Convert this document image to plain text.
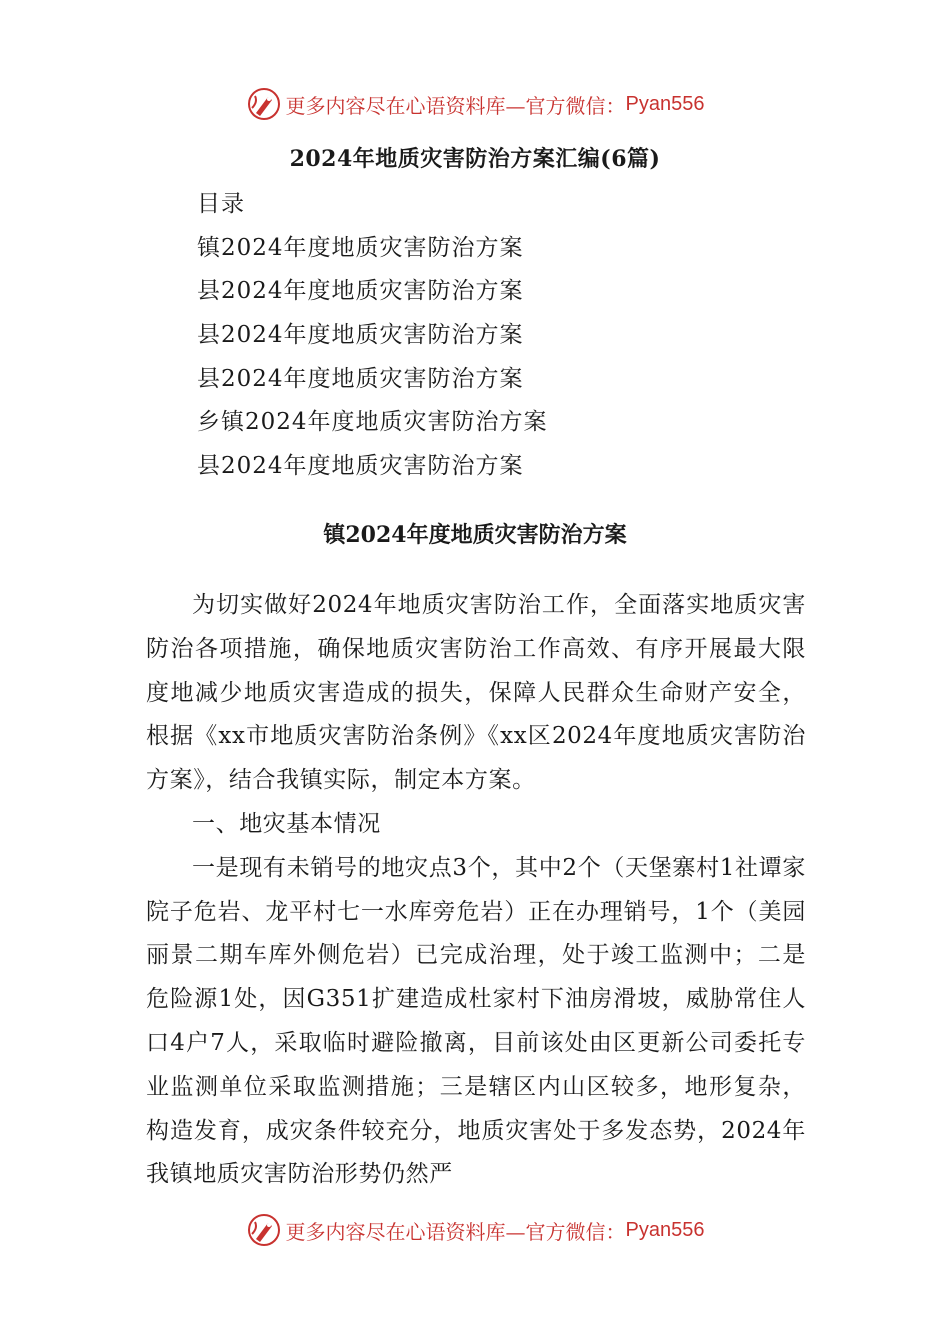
更多内容尽在心语资料库—官方微信： Pyan556
2024年地质灾害防治方案汇编(6篇)
目录
镇2024年度地质灾害防治方案
县2024年度地质灾害防治方案
县2024年度地质灾害防治方案
县2024年度地质灾害防治方案
乡镇2024年度地质灾害防治方案
县2024年度地质灾害防治方案
镇2024年度地质灾害防治方案

为切实做好2024年地质灾害防治工作，全面落实地质灾害防治各项措施，确保地质灾害防治工作高效、有序开展最大限度地减少地质灾害造成的损失，保障人民群众生命财产安全，根据《xx市地质灾害防治条例》《xx区2024年度地质灾害防治方案》，结合我镇实际，制定本方案。

一、地灾基本情况

一是现有未销号的地灾点3个，其中2个（天堡寨村1社谭家院子危岩、龙平村七一水库旁危岩）正在办理销号，1个（美园丽景二期车库外侧危岩）已完成治理，处于竣工监测中；二是危险源1处，因G351扩建造成杜家村下油房滑坡，威胁常住人口4户7人，采取临时避险撤离，目前该处由区更新公司委托专业监测单位采取监测措施；三是辖区内山区较多，地形复杂，构造发育，成灾条件较充分，地质灾害处于多发态势，2024年我镇地质灾害防治形势仍然严

更多内容尽在心语资料库—官方微信： Pyan556
